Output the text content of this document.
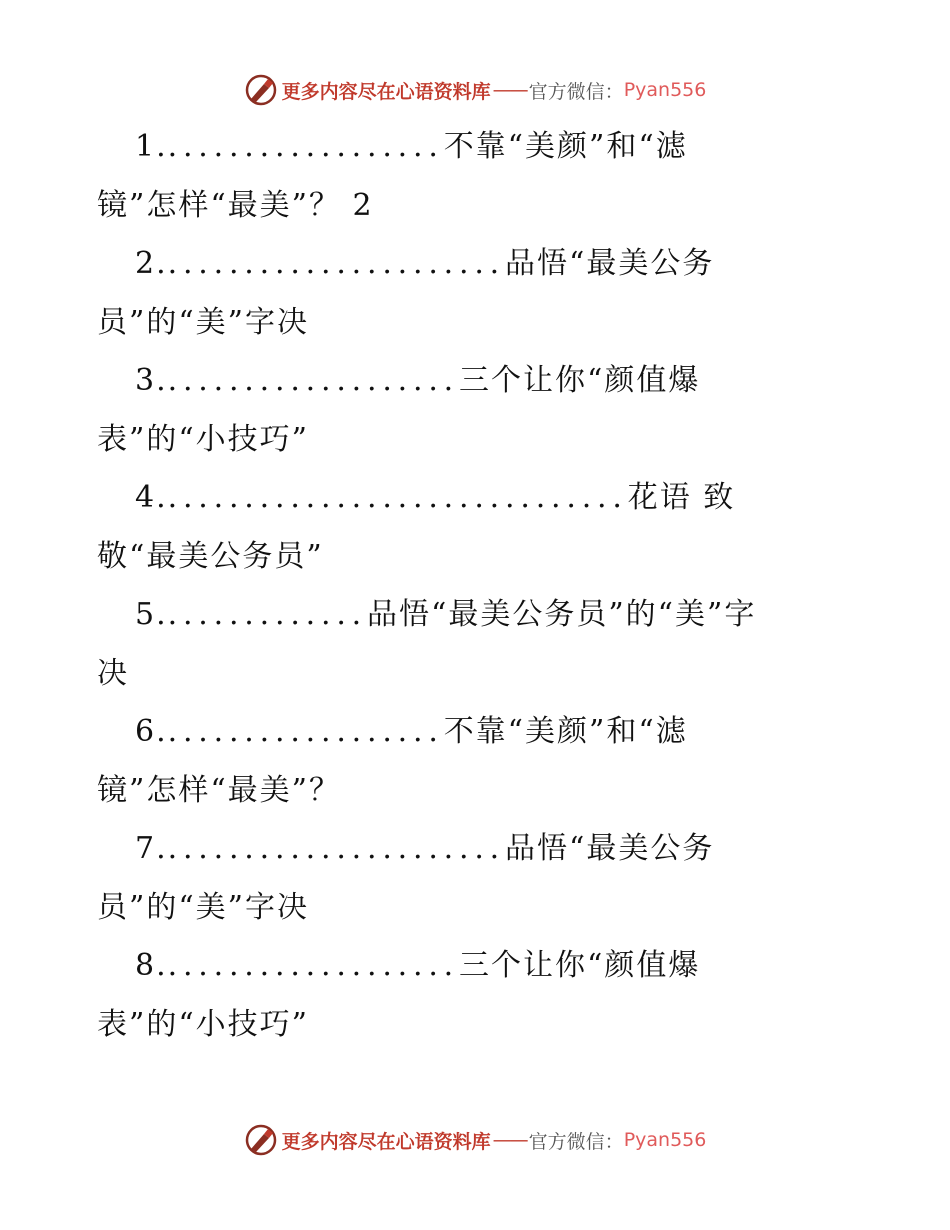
更多内容尽在心语资料库 —— 官方微信： Pyan556
1...................不靠“美颜”和“滤
镜”怎样“最美”？ 2
2.......................品悟“最美公务
员”的“美”字决
3....................三个让你“颜值爆
表”的“小技巧”
4...............................花语 致
敬“最美公务员”
5..............品悟“最美公务员”的“美”字
决
6...................不靠“美颜”和“滤
镜”怎样“最美”？
7.......................品悟“最美公务
员”的“美”字决
8....................三个让你“颜值爆
表”的“小技巧”
更多内容尽在心语资料库 —— 官方微信： Pyan556
